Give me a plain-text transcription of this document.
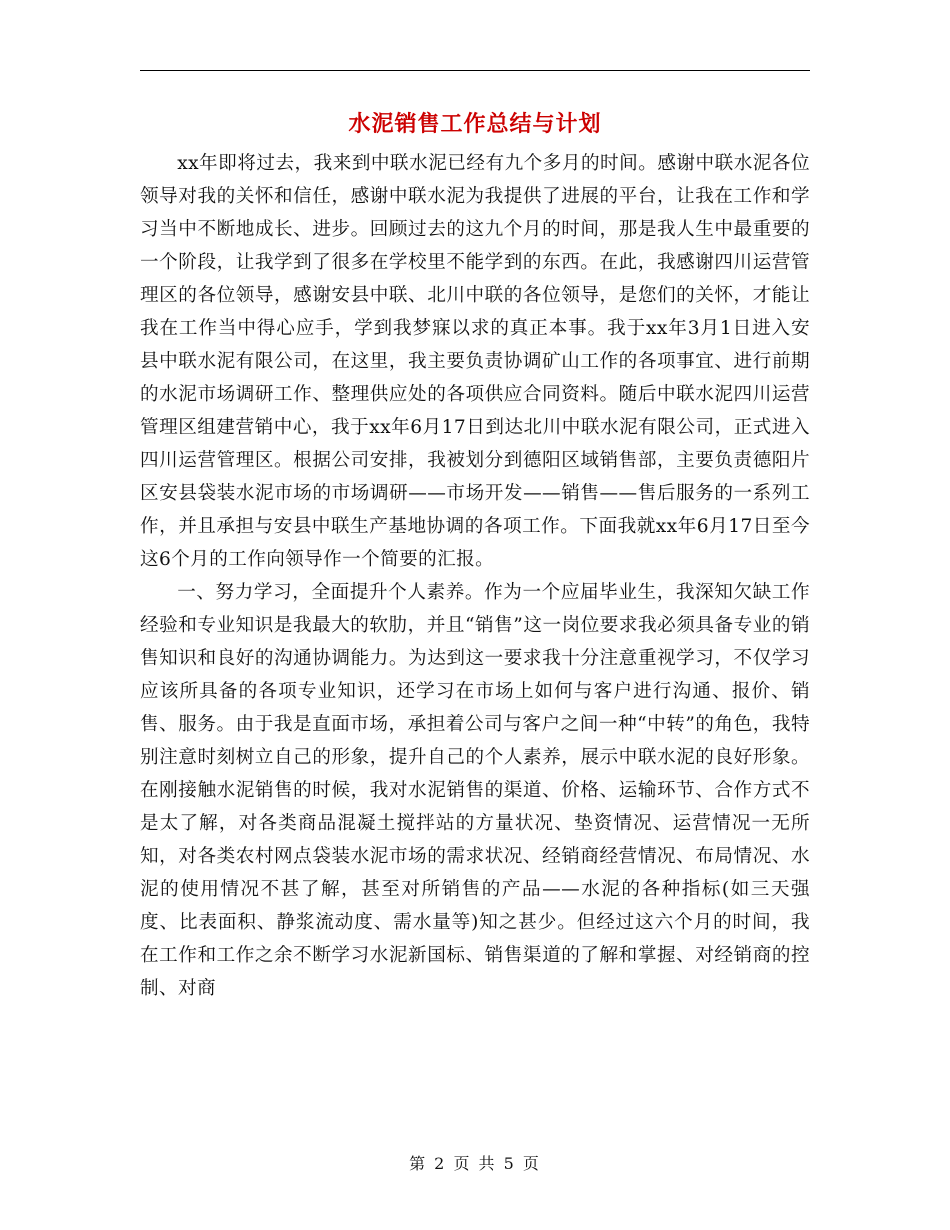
水泥销售工作总结与计划

xx年即将过去，我来到中联水泥已经有九个多月的时间。感谢中联水泥各位领导对我的关怀和信任，感谢中联水泥为我提供了进展的平台，让我在工作和学习当中不断地成长、进步。回顾过去的这九个月的时间，那是我人生中最重要的一个阶段，让我学到了很多在学校里不能学到的东西。在此，我感谢四川运营管理区的各位领导，感谢安县中联、北川中联的各位领导，是您们的关怀，才能让我在工作当中得心应手，学到我梦寐以求的真正本事。我于xx年3月1日进入安县中联水泥有限公司，在这里，我主要负责协调矿山工作的各项事宜、进行前期的水泥市场调研工作、整理供应处的各项供应合同资料。随后中联水泥四川运营管理区组建营销中心，我于xx年6月17日到达北川中联水泥有限公司，正式进入四川运营管理区。根据公司安排，我被划分到德阳区域销售部，主要负责德阳片区安县袋装水泥市场的市场调研——市场开发——销售——售后服务的一系列工作，并且承担与安县中联生产基地协调的各项工作。下面我就xx年6月17日至今这6个月的工作向领导作一个简要的汇报。

一、努力学习，全面提升个人素养。作为一个应届毕业生，我深知欠缺工作经验和专业知识是我最大的软肋，并且“销售”这一岗位要求我必须具备专业的销售知识和良好的沟通协调能力。为达到这一要求我十分注意重视学习，不仅学习应该所具备的各项专业知识，还学习在市场上如何与客户进行沟通、报价、销售、服务。由于我是直面市场，承担着公司与客户之间一种“中转”的角色，我特别注意时刻树立自己的形象，提升自己的个人素养，展示中联水泥的良好形象。在刚接触水泥销售的时候，我对水泥销售的渠道、价格、运输环节、合作方式不是太了解，对各类商品混凝土搅拌站的方量状况、垫资情况、运营情况一无所知，对各类农村网点袋装水泥市场的需求状况、经销商经营情况、布局情况、水泥的使用情况不甚了解，甚至对所销售的产品——水泥的各种指标(如三天强度、比表面积、静浆流动度、需水量等)知之甚少。但经过这六个月的时间，我在工作和工作之余不断学习水泥新国标、销售渠道的了解和掌握、对经销商的控制、对商

第 2 页 共 5 页
